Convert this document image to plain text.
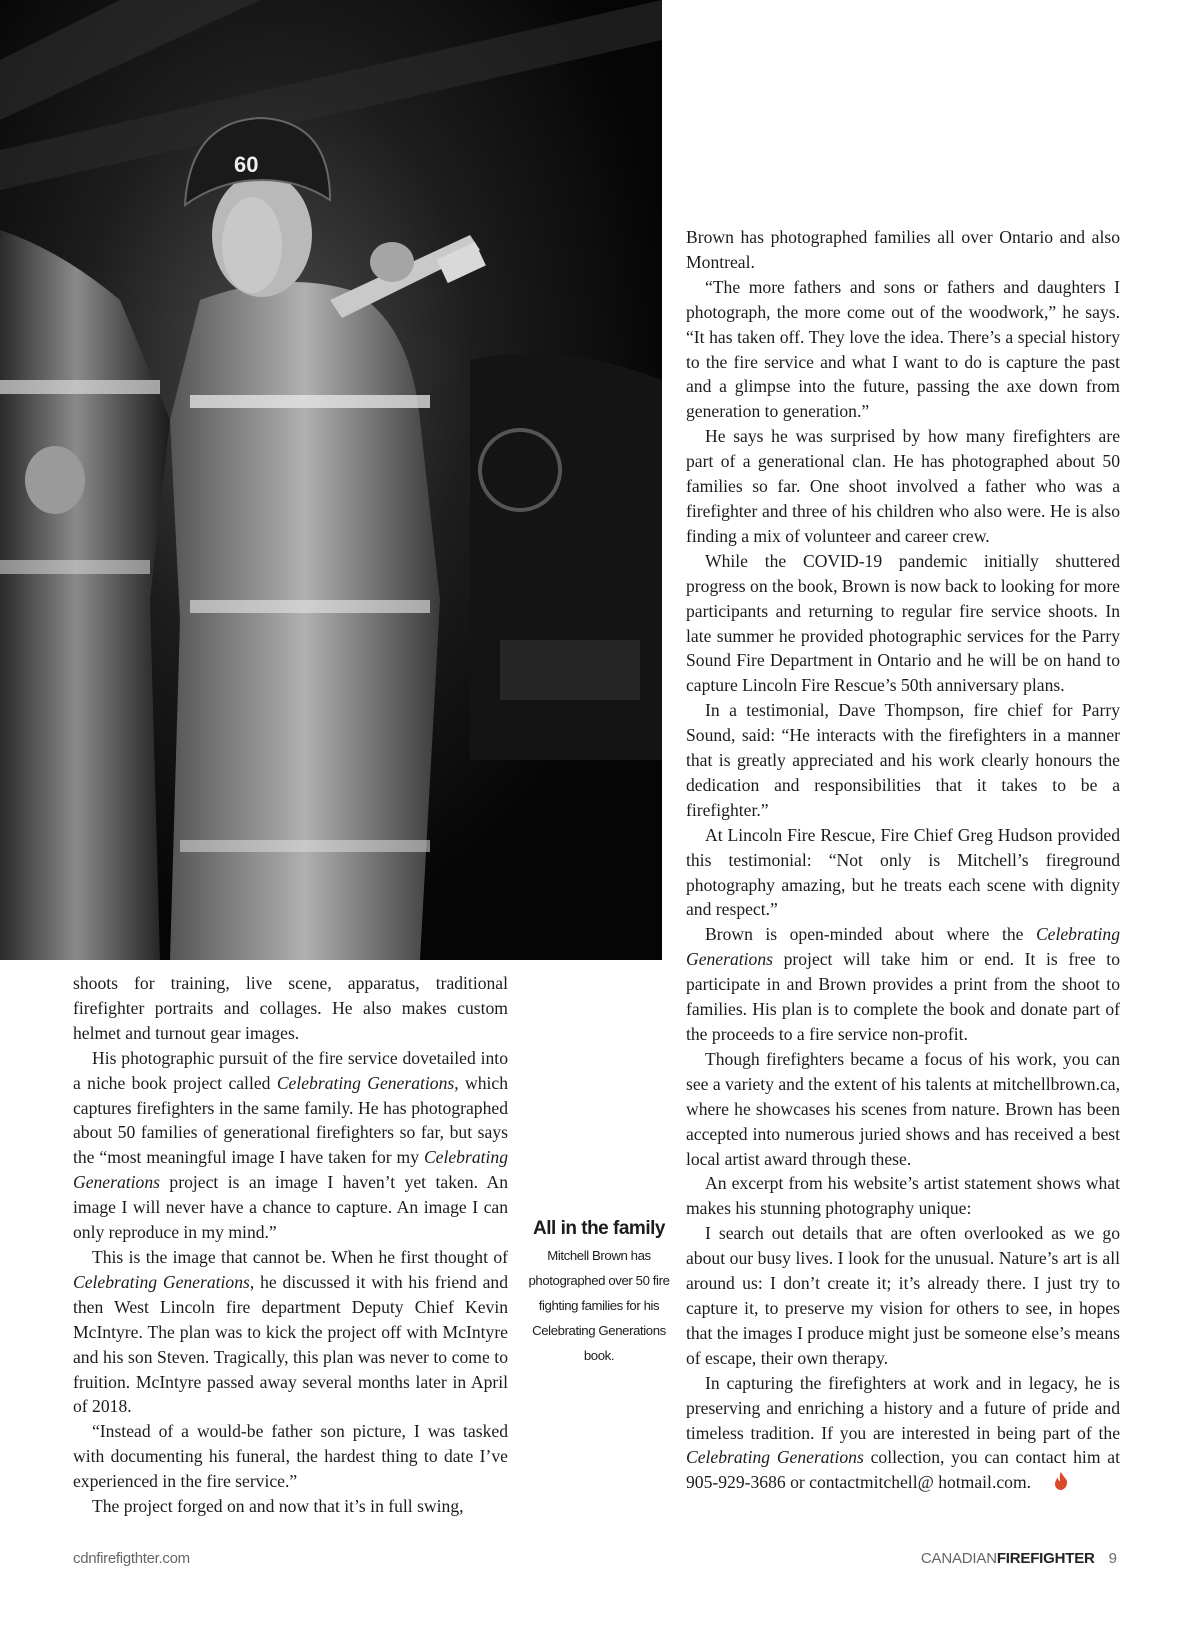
60

shoots for training, live scene, apparatus, traditional firefighter portraits and collages. He also makes custom helmet and turnout gear images.

His photographic pursuit of the fire service dovetailed into a niche book project called Celebrating Generations, which captures firefighters in the same family. He has photographed about 50 families of generational firefighters so far, but says the “most meaningful image I have taken for my Celebrating Generations project is an image I haven’t yet taken. An image I will never have a chance to capture. An image I can only reproduce in my mind.”

This is the image that cannot be. When he first thought of Celebrating Generations, he discussed it with his friend and then West Lincoln fire department Deputy Chief Kevin McIntyre. The plan was to kick the project off with McIntyre and his son Steven. Tragically, this plan was never to come to fruition. McIntyre passed away several months later in April of 2018.

“Instead of a would-be father son picture, I was tasked with documenting his funeral, the hardest thing to date I’ve experienced in the fire service.”

The project forged on and now that it’s in full swing,

Brown has photographed families all over Ontario and also Montreal.

“The more fathers and sons or fathers and daughters I photograph, the more come out of the woodwork,” he says. “It has taken off. They love the idea. There’s a special history to the fire service and what I want to do is capture the past and a glimpse into the future, passing the axe down from generation to generation.”

He says he was surprised by how many firefighters are part of a generational clan. He has photographed about 50 families so far. One shoot involved a father who was a firefighter and three of his children who also were. He is also finding a mix of volunteer and career crew.

While the COVID-19 pandemic initially shuttered progress on the book, Brown is now back to looking for more participants and returning to regular fire service shoots. In late summer he provided photographic services for the Parry Sound Fire Department in Ontario and he will be on hand to capture Lincoln Fire Rescue’s 50th anniversary plans.

In a testimonial, Dave Thompson, fire chief for Parry Sound, said: “He interacts with the firefighters in a manner that is greatly appreciated and his work clearly honours the dedication and responsibilities that it takes to be a firefighter.”

At Lincoln Fire Rescue, Fire Chief Greg Hudson provided this testimonial: “Not only is Mitchell’s fireground photography amazing, but he treats each scene with dignity and respect.”

Brown is open-minded about where the Celebrating Generations project will take him or end. It is free to participate in and Brown provides a print from the shoot to families. His plan is to complete the book and donate part of the proceeds to a fire service non-profit.

Though firefighters became a focus of his work, you can see a variety and the extent of his talents at mitchellbrown.ca, where he showcases his scenes from nature. Brown has been accepted into numerous juried shows and has received a best local artist award through these.

An excerpt from his website’s artist statement shows what makes his stunning photography unique:

I search out details that are often overlooked as we go about our busy lives. I look for the unusual. Nature’s art is all around us: I don’t create it; it’s already there. I just try to capture it, to preserve my vision for others to see, in hopes that the images I produce might just be someone else’s means of escape, their own therapy.

In capturing the firefighters at work and in legacy, he is preserving and enriching a history and a future of pride and timeless tradition. If you are interested in being part of the Celebrating Generations collection, you can contact him at 905-929-3686 or contactmitchell@ hotmail.com.

All in the family
Mitchell Brown has photographed over 50 fire fighting families for his Celebrating Generations book.
cdnfirefigthter.com	CANADIANFIREFIGHTER 9
